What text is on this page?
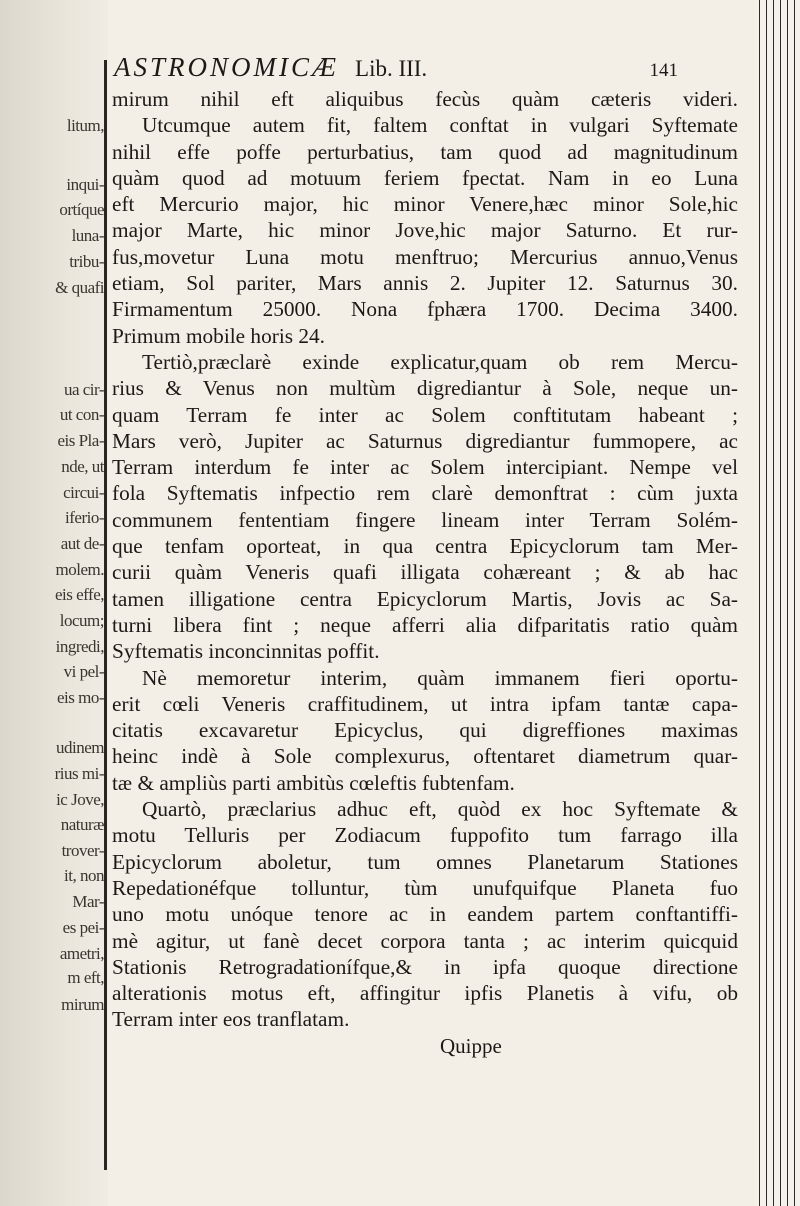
litum,
inqui-
ortíque
luna-
tribu-
& quafi
ua cir-
ut con-
eis Pla-
nde, ut
circui-
iferio-
aut de-
molem.
eis effe,
locum;
ingredi,
vi pel-
eis mo-
udinem
rius mi-
ic Jove,
naturæ
trover-
it, non
Mar-
es pei-
ametri,
m eft,
mirum
ASTRONOMICÆ Lib. III.	141
mirum nihil eft aliquibus fecùs quàm cæteris videri.
Utcumque autem fit, faltem conftat in vulgari Syftemate
nihil effe poffe perturbatius, tam quod ad magnitudinum
quàm quod ad motuum feriem fpectat. Nam in eo Luna
eft Mercurio major, hic minor Venere,hæc minor Sole,hic
major Marte, hic minor Jove,hic major Saturno. Et rur-
fus,movetur Luna motu menftruo; Mercurius annuo,Venus
etiam, Sol pariter, Mars annis 2. Jupiter 12. Saturnus 30.
Firmamentum 25000. Nona fphæra 1700. Decima 3400.
Primum mobile horis 24.
Tertiò,præclarè exinde explicatur,quam ob rem Mercu-
rius & Venus non multùm digrediantur à Sole, neque un-
quam Terram fe inter ac Solem conftitutam habeant ;
Mars verò, Jupiter ac Saturnus digrediantur fummopere, ac
Terram interdum fe inter ac Solem intercipiant. Nempe vel
fola Syftematis infpectio rem clarè demonftrat : cùm juxta
communem fententiam fingere lineam inter Terram Solém-
que tenfam oporteat, in qua centra Epicyclorum tam Mer-
curii quàm Veneris quafi illigata cohæreant ; & ab hac
tamen illigatione centra Epicyclorum Martis, Jovis ac Sa-
turni libera fint ; neque afferri alia difparitatis ratio quàm
Syftematis inconcinnitas poffit.
Nè memoretur interim, quàm immanem fieri oportu-
erit cœli Veneris craffitudinem, ut intra ipfam tantæ capa-
citatis excavaretur Epicyclus, qui digreffiones maximas
heinc indè à Sole complexurus, oftentaret diametrum quar-
tæ & ampliùs parti ambitùs cœleftis fubtenfam.
Quartò, præclarius adhuc eft, quòd ex hoc Syftemate &
motu Telluris per Zodiacum fuppofito tum farrago illa
Epicyclorum aboletur, tum omnes Planetarum Stationes
Repedationéfque tolluntur, tùm unufquifque Planeta fuo
uno motu unóque tenore ac in eandem partem conftantiffi-
mè agitur, ut fanè decet corpora tanta ; ac interim quicquid
Stationis Retrogradationífque,& in ipfa quoque directione
alterationis motus eft, affingitur ipfis Planetis à vifu, ob
Terram inter eos tranflatam.
Quippe
